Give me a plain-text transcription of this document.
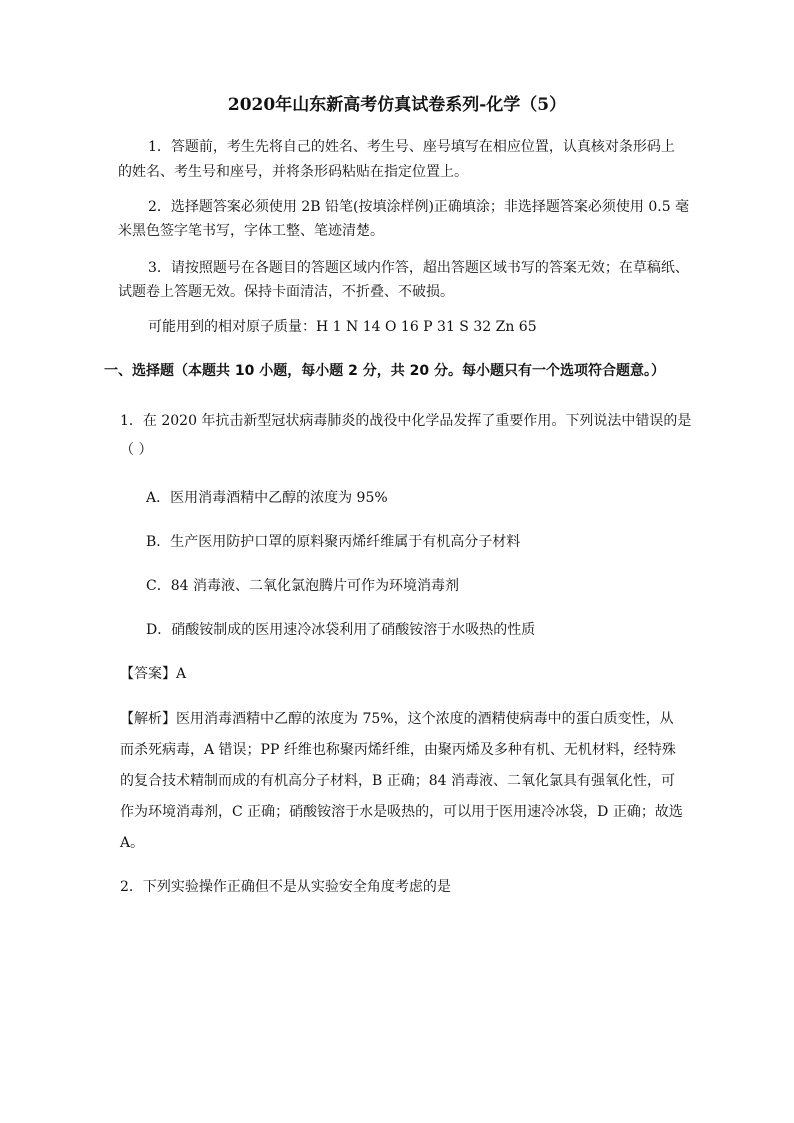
2020年山东新高考仿真试卷系列-化学（5）
1．答题前，考生先将自己的姓名、考生号、座号填写在相应位置，认真核对条形码上
的姓名、考生号和座号，并将条形码粘贴在指定位置上。
2．选择题答案必须使用 2B 铅笔(按填涂样例)正确填涂；非选择题答案必须使用 0.5 毫
米黑色签字笔书写，字体工整、笔迹清楚。
3．请按照题号在各题目的答题区域内作答，超出答题区域书写的答案无效；在草稿纸、
试题卷上答题无效。保持卡面清洁，不折叠、不破损。
可能用到的相对原子质量：H 1 N 14 O 16 P 31 S 32 Zn 65
一、选择题（本题共 10 小题，每小题 2 分，共 20 分。每小题只有一个选项符合题意。）
1．在 2020 年抗击新型冠状病毒肺炎的战役中化学品发挥了重要作用。下列说法中错误的是
（ ）
A．医用消毒酒精中乙醇的浓度为 95%
B．生产医用防护口罩的原料聚丙烯纤维属于有机高分子材料
C．84 消毒液、二氧化氯泡腾片可作为环境消毒剂
D．硝酸铵制成的医用速冷冰袋利用了硝酸铵溶于水吸热的性质
【答案】A
【解析】医用消毒酒精中乙醇的浓度为 75%，这个浓度的酒精使病毒中的蛋白质变性，从
而杀死病毒，A 错误；PP 纤维也称聚丙烯纤维，由聚丙烯及多种有机、无机材料，经特殊
的复合技术精制而成的有机高分子材料，B 正确；84 消毒液、二氧化氯具有强氧化性，可
作为环境消毒剂，C 正确；硝酸铵溶于水是吸热的，可以用于医用速冷冰袋，D 正确；故选
A。
2．下列实验操作正确但不是从实验安全角度考虑的是
